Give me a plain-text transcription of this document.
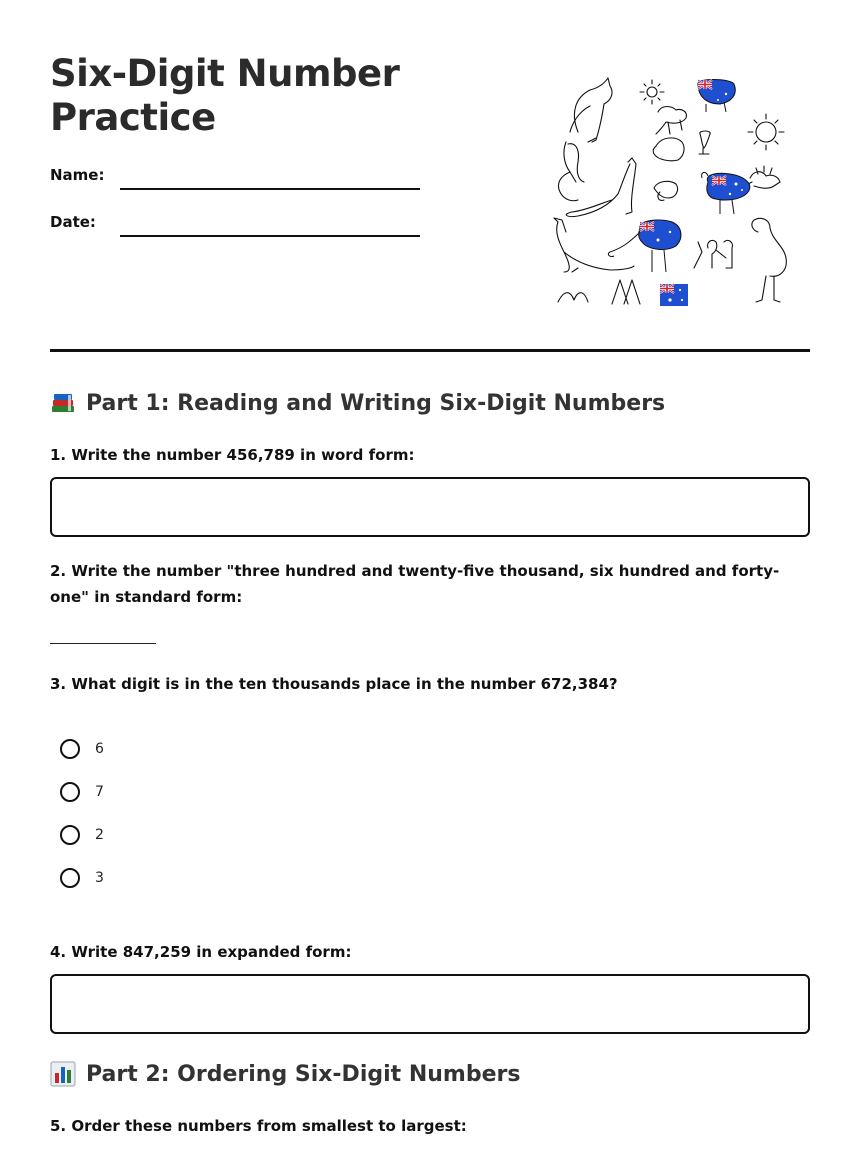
Six-Digit Number Practice
Name:
Date:
Part 1: Reading and Writing Six-Digit Numbers
1. Write the number 456,789 in word form:
2. Write the number "three hundred and twenty-five thousand, six hundred and forty-one" in standard form:
3. What digit is in the ten thousands place in the number 672,384?
6
7
2
3
4. Write 847,259 in expanded form:
Part 2: Ordering Six-Digit Numbers
5. Order these numbers from smallest to largest:
